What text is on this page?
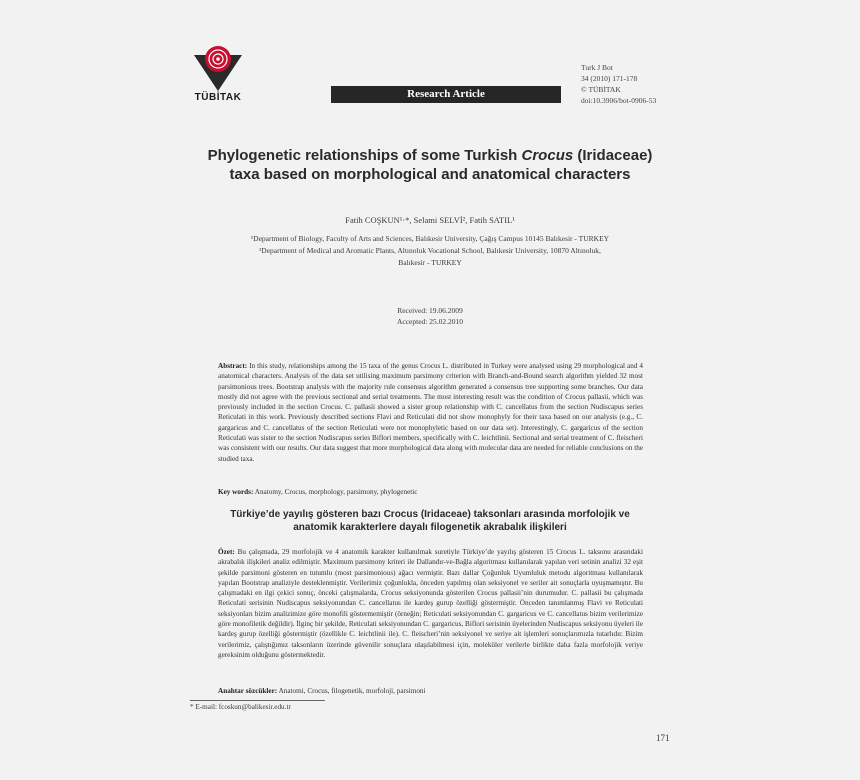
TÜBİTAK	Research Article
Turk J Bot
34 (2010) 171-178
© TÜBİTAK
doi:10.3906/bot-0906-53
Phylogenetic relationships of some Turkish Crocus (Iridaceae)
taxa based on morphological and anatomical characters
Fatih COŞKUN¹·*, Selami SELVİ², Fatih SATIL¹
¹Department of Biology, Faculty of Arts and Sciences, Balıkesir University, Çağış Campus 10145 Balıkesir - TURKEY
²Department of Medical and Aromatic Plants, Altınoluk Vocational School, Balıkesir University, 10870 Altınoluk,
Balıkesir - TURKEY
Received: 19.06.2009
Accepted: 25.02.2010
Abstract: In this study, relationships among the 15 taxa of the genus Crocus L. distributed in Turkey were analysed using 29 morphological and 4 anatomical characters. Analysis of the data set utilising maximum parsimony criterion with Branch-and-Bound search algorithm yielded 32 most parsimonious trees. Bootstrap analysis with the majority rule consensus algorithm generated a consensus tree supporting some branches. Our data mostly did not agree with the previous sectional and serial treatments. The most interesting result was the condition of Crocus pallasii, which was previously included in the section Crocus. C. pallasii showed a sister group relationship with C. cancellatus from the section Nudiscapus series Reticulati in this work. Previously described sections Flavi and Reticulati did not show monophyly for their taxa based on our analysis (e.g., C. gargaricus and C. cancellatus of the section Reticulati were not monophyletic based on our data set). Interestingly, C. gargaricus of the section Reticulati was sister to the section Nudiscapus series Biflori members, specifically with C. leichtlinii. Sectional and serial treatment of C. fleischeri was consistent with our results. Our data suggest that more morphological data along with molecular data are needed for reliable conclusions on the studied taxa.
Key words: Anatomy, Crocus, morphology, parsimony, phylogenetic
Türkiye’de yayılış gösteren bazı Crocus (Iridaceae) taksonları arasında morfolojik ve
anatomik karakterlere dayalı filogenetik akrabalık ilişkileri
Özet: Bu çalışmada, 29 morfolojik ve 4 anatomik karakter kullanılmak suretiyle Türkiye’de yayılış gösteren 15 Crocus L. taksonu arasındaki akrabalık ilişkileri analiz edilmiştir. Maximum parsimony kriteri ile Dallandır-ve-Bağla algoritması kullanılarak yapılan veri setinin analizi 32 eşit şekilde parsimoni gösteren en tutumlu (most parsimonious) ağacı vermiştir. Bazı dallar Çoğunluk Uyumluluk metodu algoritması kullanılarak yapılan Bootstrap analiziyle desteklenmiştir. Verilerimiz çoğunlukla, önceden yapılmış olan seksiyonel ve seriler ait sonuçlarla uyuşmamıştır. Bu çalışmadaki en ilgi çekici sonuç, önceki çalışmalarda, Crocus seksiyonunda gösterilen Crocus pallasii’nin durumudur. C. pallasii bu çalışmada Reticulati serisinin Nudiscapus seksiyonundan C. cancellatus ile kardeş gurup özelliği göstermiştir. Önceden tanımlanmış Flavi ve Reticulati seksiyonları bizim analizimize göre monofili göstermemiştir (örneğin; Reticulati seksiyonundan C. gargaricus ve C. cancellatus bizim verilerimize göre monofiletik değildir). İlginç bir şekilde, Reticulati seksiyonundan C. gargaricus, Biflori serisinin üyelerinden Nudiscapus seksiyonu üyeleri ile kardeş gurup özelliği göstermiştir (özellikle C. leichtlinii ile). C. fleischeri’nin seksiyonel ve seriye ait işlemleri sonuçlarımızla tutarlıdır. Bizim verilerimiz, çalıştığımız taksonların üzerinde güvenilir sonuçlara ulaşılabilmesi için, moleküler verilerle birlikte daha fazla morfolojik veriye gereksinim olduğunu göstermektedir.
Anahtar sözcükler: Anatomi, Crocus, filogenetik, morfoloji, parsimoni
* E-mail: fcoskun@balikesir.edu.tr
171
